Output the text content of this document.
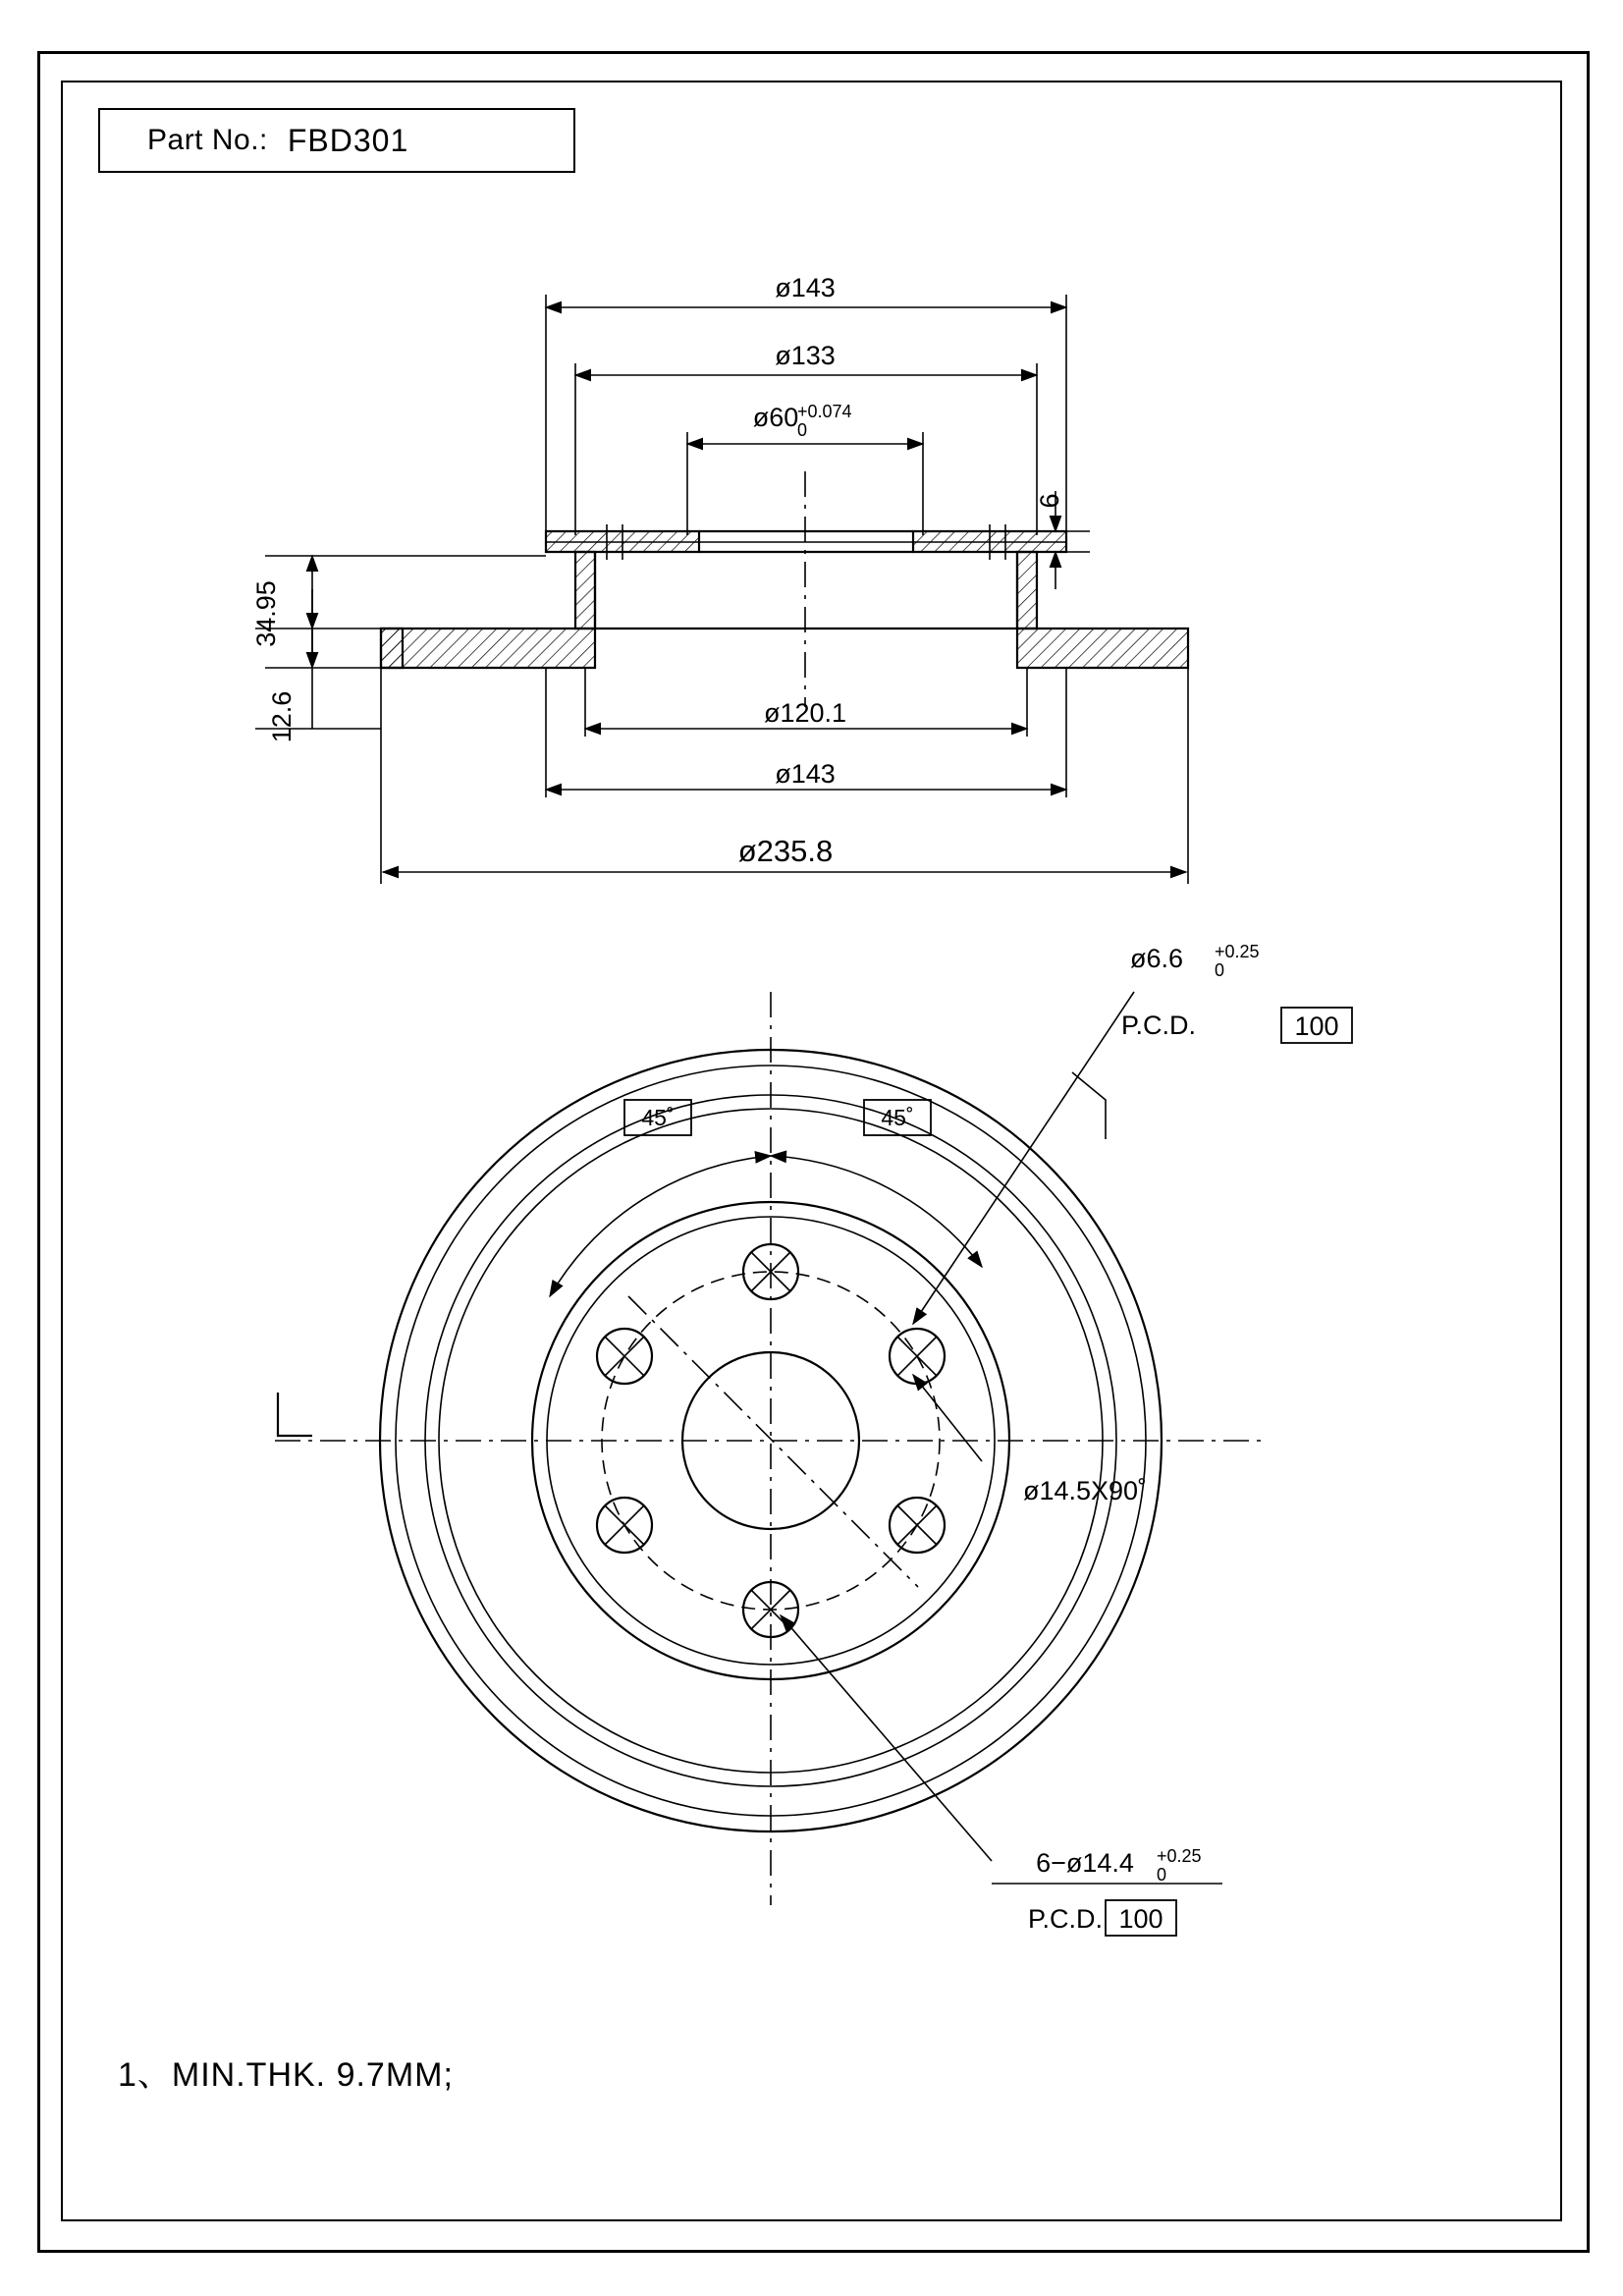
Part No.: FBD301
ø143
ø133
ø60
+0.074
0
6
34.95
12.6	ø120.1
ø143
ø235.8
45˚	45˚
ø6.6 +0.25
0
P.C.D.	100
ø14.5X90˚
6−ø14.4 +0.25
0
P.C.D. 100
1、MIN.THK. 9.7MM;
